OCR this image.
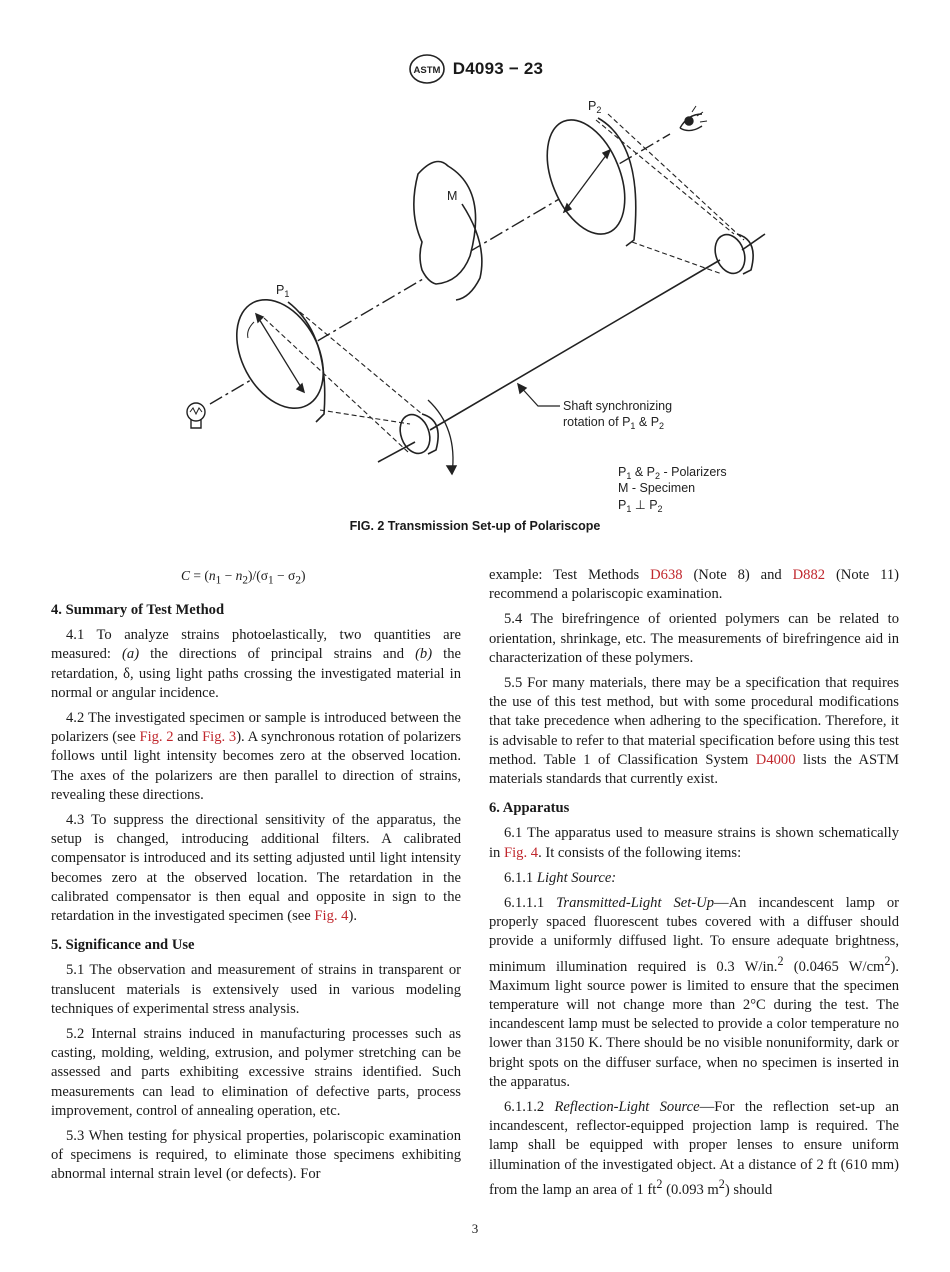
ASTM D4093 − 23
$P_2$
M
$P_1$
Shaft synchronizing
rotation of $P_1$ & $P_2$
$P_1$ & $P_2$ - Polarizers
M - Specimen
$P_1$ ⊥ $P_2$
FIG. 2 Transmission Set-up of Polariscope

$C = (n_1 - n_2)/(\sigma_1 - \sigma_2)$

4. Summary of Test Method

4.1 To analyze strains photoelastically, two quantities are measured: (a) the directions of principal strains and (b) the retardation, δ, using light paths crossing the investigated material in normal or angular incidence.

4.2 The investigated specimen or sample is introduced between the polarizers (see Fig. 2 and Fig. 3). A synchronous rotation of polarizers follows until light intensity becomes zero at the observed location. The axes of the polarizers are then parallel to direction of strains, revealing these directions.

4.3 To suppress the directional sensitivity of the apparatus, the setup is changed, introducing additional filters. A calibrated compensator is introduced and its setting adjusted until light intensity becomes zero at the observed location. The retardation in the calibrated compensator is then equal and opposite in sign to the retardation in the investigated specimen (see Fig. 4).

5. Significance and Use

5.1 The observation and measurement of strains in transparent or translucent materials is extensively used in various modeling techniques of experimental stress analysis.

5.2 Internal strains induced in manufacturing processes such as casting, molding, welding, extrusion, and polymer stretching can be assessed and parts exhibiting excessive strains identified. Such measurements can lead to elimination of defective parts, process improvement, control of annealing operation, etc.

5.3 When testing for physical properties, polariscopic examination of specimens is required, to eliminate those specimens exhibiting abnormal internal strain level (or defects). For

example: Test Methods D638 (Note 8) and D882 (Note 11) recommend a polariscopic examination.

5.4 The birefringence of oriented polymers can be related to orientation, shrinkage, etc. The measurements of birefringence aid in characterization of these polymers.

5.5 For many materials, there may be a specification that requires the use of this test method, but with some procedural modifications that take precedence when adhering to the specification. Therefore, it is advisable to refer to that material specification before using this test method. Table 1 of Classification System D4000 lists the ASTM materials standards that currently exist.

6. Apparatus

6.1 The apparatus used to measure strains is shown schematically in Fig. 4. It consists of the following items:

6.1.1 Light Source:

6.1.1.1 Transmitted-Light Set-Up—An incandescent lamp or properly spaced fluorescent tubes covered with a diffuser should provide a uniformly diffused light. To ensure adequate brightness, minimum illumination required is 0.3 W/in.$^2$ (0.0465 $W/cm^2$). Maximum light source power is limited to ensure that the specimen temperature will not change more than 2°C during the test. The incandescent lamp must be selected to provide a color temperature no lower than 3150 K. There should be no visible nonuniformity, dark or bright spots on the diffuser surface, when no specimen is inserted in the apparatus.

6.1.1.2 Reflection-Light Source—For the reflection set-up an incandescent, reflector-equipped projection lamp is required. The lamp shall be equipped with proper lenses to ensure uniform illumination of the investigated object. At a distance of 2 ft (610 mm) from the lamp an area of 1 $ft^2$ (0.093 $m^2$) should

3
